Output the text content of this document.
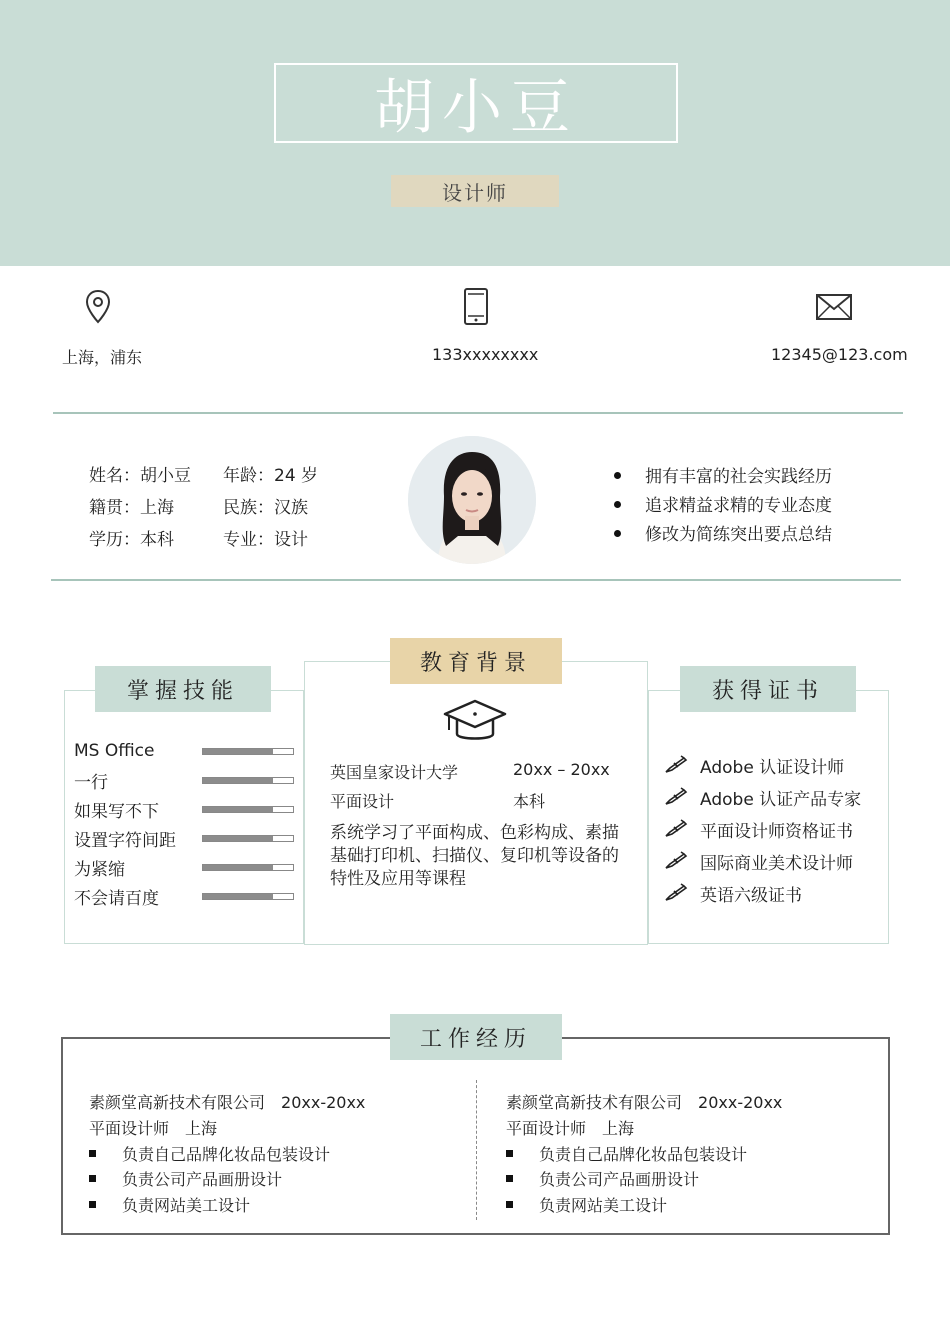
胡小豆
设计师
上海，浦东	133xxxxxxxx	12345@123.com
姓名：胡小豆 年龄：24 岁
籍贯：上海	民族：汉族
学历：本科	专业：设计
拥有丰富的社会实践经历
追求精益求精的专业态度
修改为简练突出要点总结
掌握技能
教育背景
获得证书
MS Office
一行
如果写不下
设置字符间距
为紧缩
不会请百度
英国皇家设计大学	20xx – 20xx
平面设计	本科
系统学习了平面构成、色彩构成、素描基础打印机、扫描仪、复印机等设备的特性及应用等课程
Adobe 认证设计师
Adobe 认证产品专家
平面设计师资格证书
国际商业美术设计师
英语六级证书
工作经历
素颜堂高新技术有限公司 20xx-20xx
平面设计师 上海
负责自己品牌化妆品包装设计
负责公司产品画册设计
负责网站美工设计
素颜堂高新技术有限公司 20xx-20xx
平面设计师 上海
负责自己品牌化妆品包装设计
负责公司产品画册设计
负责网站美工设计
